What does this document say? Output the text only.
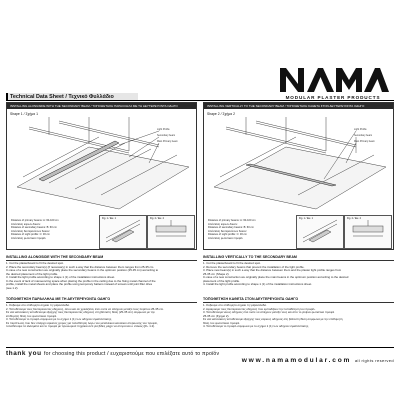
MODULAR PLASTER PRODUCTS
Technical Data Sheet / Τεχνικό Φυλλάδιο
INSTALLING ALONGSIDE WITH THE SECONDARY BEAM / ΤΟΠΟΘΕΤΗΣΗ ΠΑΡΑΛΛΗΛΑ ΜΕ ΤΗ ΔΕΥΤΕΡΕΥΟΝΤΑ ΟΔΗΓΟ
Shape 1 / Σχήμα 1
Light Profile
Secondary beam
Main Primary beam
Distance of primary beams: A: 60-100 cm
Απόσταση κύριων δοκών:
Distance of secondary beams: B: 60 cm
Απόσταση δευτερευόντων δοκών:
Distance of Light profile: C: 30 cm
Απόσταση φωτιστικού προφίλ:
Fig. 1 / Εικ. 1	Fig. 2 / Εικ. 2
INSTALLING VERTICALLY TO THE SECONDARY BEAM / ΤΟΠΟΘΕΤΗΣΗ ΚΑΘΕΤΑ ΣΤΟΝ ΔΕΥΤΕΡΕΥΟΝΤΑ ΟΔΗΓΟ
Shape 2 / Σχήμα 2
Light Profile
Secondary beam
Main Primary beam
Distance of primary beams: A: 60-100 cm
Απόσταση κύριων δοκών:
Distance of secondary beams: B: 60 cm
Απόσταση δευτερευόντων δοκών:
Distance of Light profile: C: 30 cm
Απόσταση φωτιστικού προφίλ:
Fig. 1 / Εικ. 1	Fig. 2 / Εικ. 2
INSTALLING ALONGSIDE WITH THE SECONDARY BEAM
1. Cut the plasterboard to fit the desired spot.
2. Place the secondary beam(s) (if necessary) in such a way that the distance between them ranges from 25-35 cm.
In case of a new construction we originally place the secondary beams in the optimum position (25-35 cm) according to
the desired placement of the light profile.
3. Install the light profile according to shape 1 (1) of the installation instructions sheet.
In the event of lack of manoeuvring space when placing the profile in the ceiling due to the fixing metal channel of the
profile, install the metal sheets and place the profile using temporary battens instead of screws until joint filler dries
(see 1.2).
ΤΟΠΟΘΕΤΗΣΗ ΠΑΡΑΛΛΗΛΑ ΜΕ ΤΗ ΔΕΥΤΕΡΕΥΟΝΤΑ ΟΔΗΓΟ
1. Κόβουμε στο επιθυμητό σημείο τη γυψοσανίδα.
2. Τοποθετούμε τους δευτερεύοντες οδηγούς, όπου και αν χρειάζεται, έτσι ώστε να απέχουν μεταξύ τους περίπου 25-35 cm.
Σε νέα κατασκευή τοποθετούμε εξαρχής τους δευτερεύοντες οδηγούς στη βέλτιστη θέση (25-35 cm) σύμφωνα με την
επιθυμητή θέση του φωτιστικού προφίλ.
3. Τοποθετούμε το προφίλ σύμφωνα με το σχήμα 1 (1) των οδηγιών εγκατάστασης.
Σε περίπτωση που δεν υπάρχει αρκετός χώρος για τοποθέτηση λόγω του μεταλλικού καναλιού στερέωσης του προφίλ,
τοποθετούμε τα ελάσματα και το προφίλ με προσωρινά πηχάκια αντί για βίδες μέχρι να στεγνώσει ο στόκος (βλ. 1.2).
INSTALLING VERTICALLY TO THE SECONDARY BEAM
1. Cut the plasterboard to fit the desired spot.
2. Remove the secondary beams that prevent the installation of the light profile.
3. Place new beam(s) in such a way that the distance between them and the plaster light profile ranges from
25-35 cm (Shape 2).
In case of a new construction we originally place the main beams in the optimum position according to the desired
placement of the light profile.
4. Install the light profile according to shape 1 (1) of the installation instructions sheet.
ΤΟΠΟΘΕΤΗΣΗ ΚΑΘΕΤΑ ΣΤΟΝ ΔΕΥΤΕΡΕΥΟΝΤΑ ΟΔΗΓΟ
1. Κόβουμε στο επιθυμητό σημείο τη γυψοσανίδα.
2. Αφαιρούμε τους δευτερεύοντες οδηγούς που εμποδίζουν την τοποθέτηση του προφίλ.
3. Τοποθετούμε νέους οδηγούς έτσι ώστε να απέχουν μεταξύ τους και από το γύψινο φωτιστικό προφίλ
25-35 cm (Σχήμα 2).
Σε νέα κατασκευή τοποθετούμε εξαρχής τους κύριους οδηγούς στη βέλτιστη θέση σύμφωνα με την επιθυμητή
θέση του φωτιστικού προφίλ.
4. Τοποθετούμε το προφίλ σύμφωνα με το σχήμα 1 (1) των οδηγιών εγκατάστασης.
thank you for choosing this product / ευχαριστούμε που επιλέξατε αυτό το προϊόν
www.namamodular.com all rights reserved
